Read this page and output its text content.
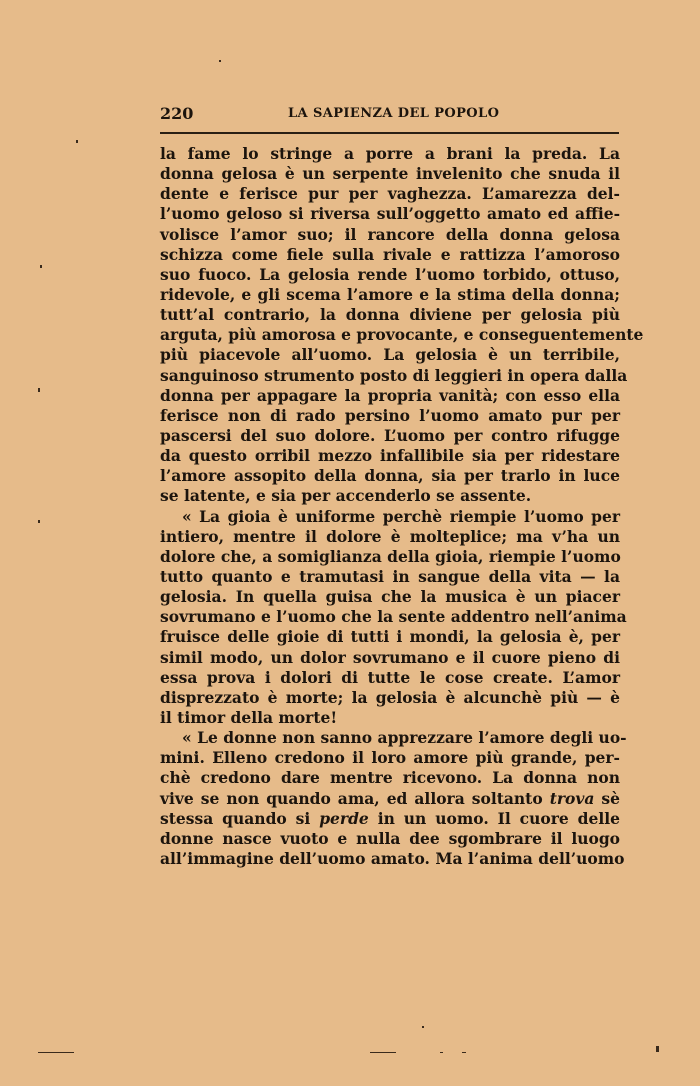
220	LA SAPIENZA DEL POPOLO
la fame lo stringe a porre a brani la preda. La
donna gelosa è un serpente invelenito che snuda il
dente e ferisce pur per vaghezza. L’amarezza del-
l’uomo geloso si riversa sull’oggetto amato ed affie-
volisce l’amor suo; il rancore della donna gelosa
schizza come fiele sulla rivale e rattizza l’amoroso
suo fuoco. La gelosia rende l’uomo torbido, ottuso,
ridevole, e gli scema l’amore e la stima della donna;
tutt’al contrario, la donna diviene per gelosia più
arguta, più amorosa e provocante, e conseguentemente
più piacevole all’uomo. La gelosia è un terribile,
sanguinoso strumento posto di leggieri in opera dalla
donna per appagare la propria vanità; con esso ella
ferisce non di rado persino l’uomo amato pur per
pascersi del suo dolore. L’uomo per contro rifugge
da questo orribil mezzo infallibile sia per ridestare
l’amore assopito della donna, sia per trarlo in luce
se latente, e sia per accenderlo se assente.
« La gioia è uniforme perchè riempie l’uomo per
intiero, mentre il dolore è molteplice; ma v’ha un
dolore che, a somiglianza della gioia, riempie l’uomo
tutto quanto e tramutasi in sangue della vita — la
gelosia. In quella guisa che la musica è un piacer
sovrumano e l’uomo che la sente addentro nell’anima
fruisce delle gioie di tutti i mondi, la gelosia è, per
simil modo, un dolor sovrumano e il cuore pieno di
essa prova i dolori di tutte le cose create. L’amor
disprezzato è morte; la gelosia è alcunchè più — è
il timor della morte!
« Le donne non sanno apprezzare l’amore degli uo-
mini. Elleno credono il loro amore più grande, per-
chè credono dare mentre ricevono. La donna non
vive se non quando ama, ed allora soltanto trova sè
stessa quando si perde in un uomo. Il cuore delle
donne nasce vuoto e nulla dee sgombrare il luogo
all’immagine dell’uomo amato. Ma l’anima dell’uomo
